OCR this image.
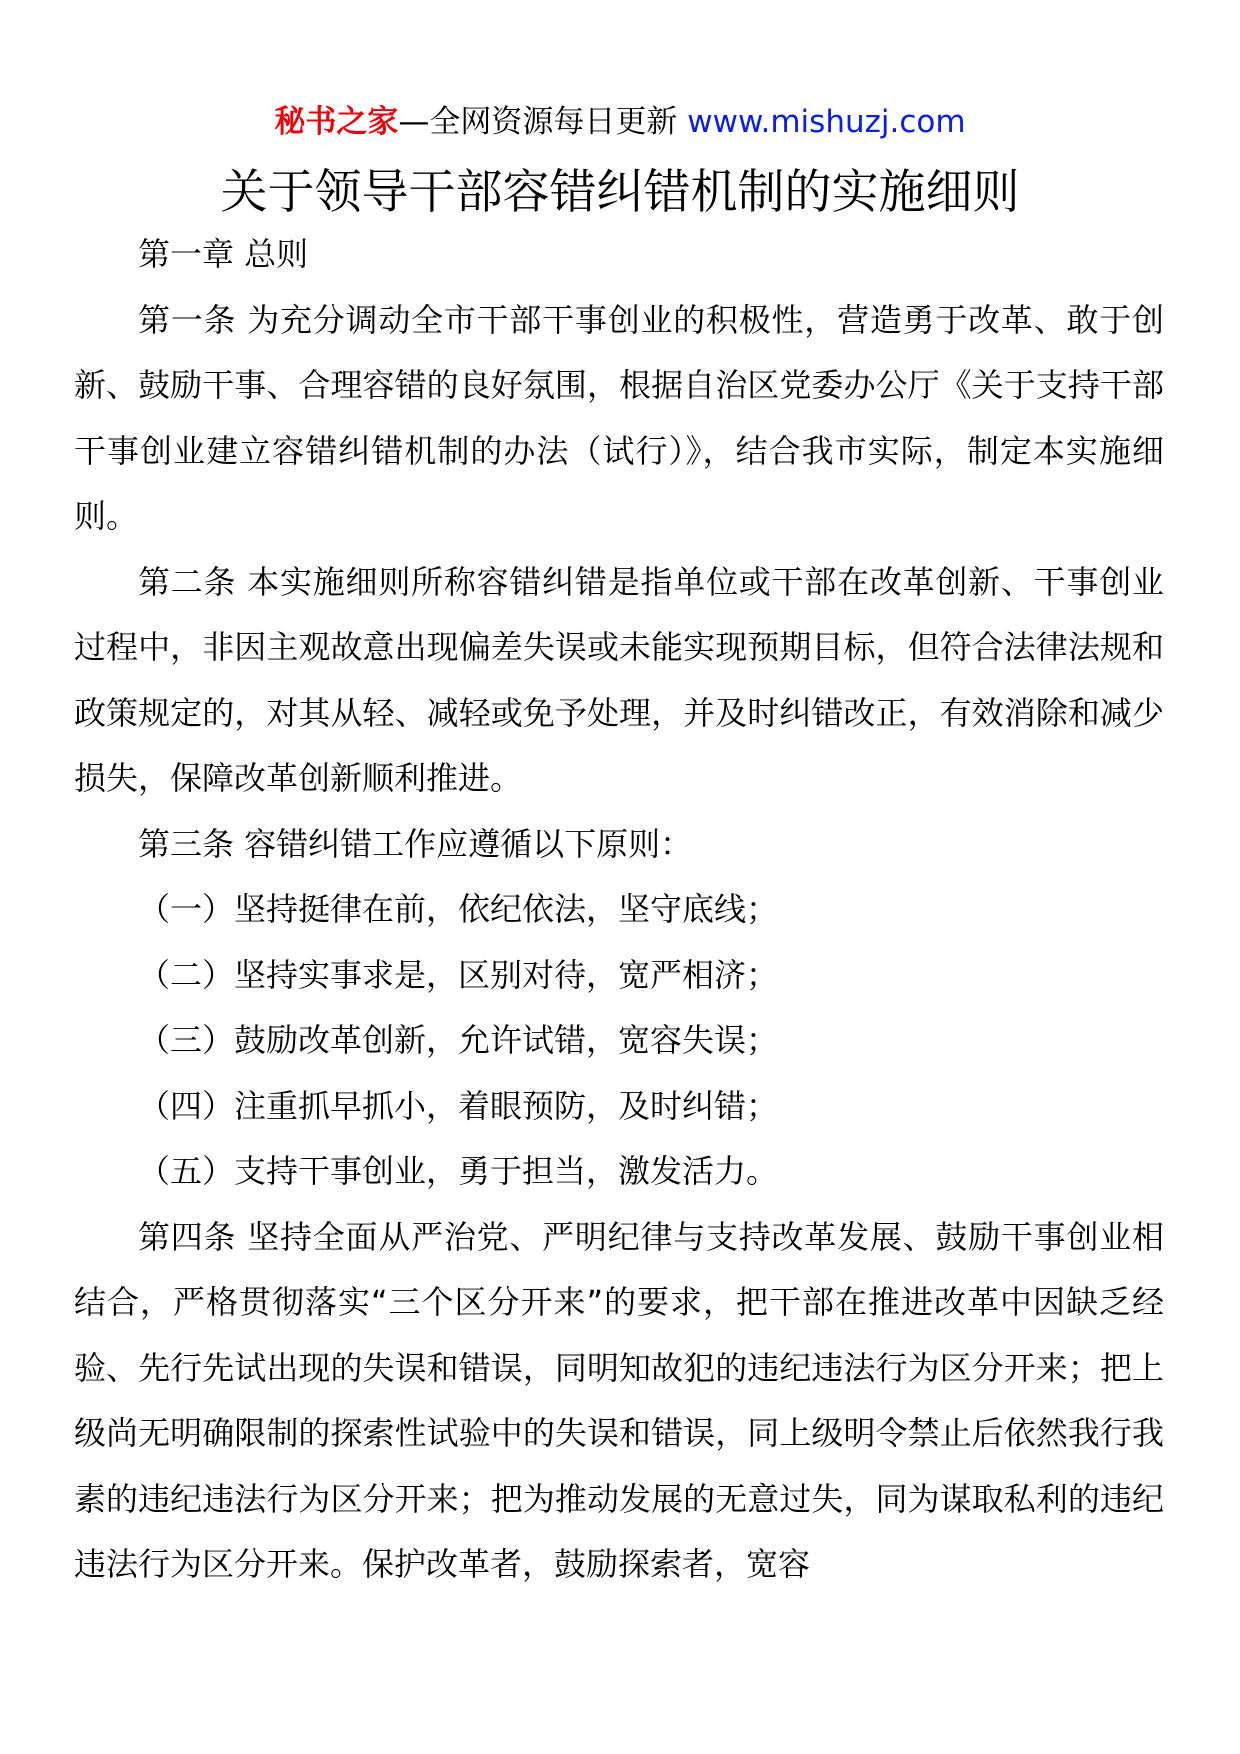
秘书之家—全网资源每日更新 www.mishuzj.com
关于领导干部容错纠错机制的实施细则

第一章 总则

第一条 为充分调动全市干部干事创业的积极性，营造勇于改革、敢于创新、鼓励干事、合理容错的良好氛围，根据自治区党委办公厅《关于支持干部干事创业建立容错纠错机制的办法（试行）》，结合我市实际，制定本实施细则。

第二条 本实施细则所称容错纠错是指单位或干部在改革创新、干事创业过程中，非因主观故意出现偏差失误或未能实现预期目标，但符合法律法规和政策规定的，对其从轻、减轻或免予处理，并及时纠错改正，有效消除和减少损失，保障改革创新顺利推进。

第三条 容错纠错工作应遵循以下原则：

（一）坚持挺律在前，依纪依法，坚守底线；

（二）坚持实事求是，区别对待，宽严相济；

（三）鼓励改革创新，允许试错，宽容失误；

（四）注重抓早抓小，着眼预防，及时纠错；

（五）支持干事创业，勇于担当，激发活力。

第四条 坚持全面从严治党、严明纪律与支持改革发展、鼓励干事创业相结合，严格贯彻落实“三个区分开来”的要求，把干部在推进改革中因缺乏经验、先行先试出现的失误和错误，同明知故犯的违纪违法行为区分开来；把上级尚无明确限制的探索性试验中的失误和错误，同上级明令禁止后依然我行我素的违纪违法行为区分开来；把为推动发展的无意过失，同为谋取私利的违纪违法行为区分开来。保护改革者，鼓励探索者，宽容
